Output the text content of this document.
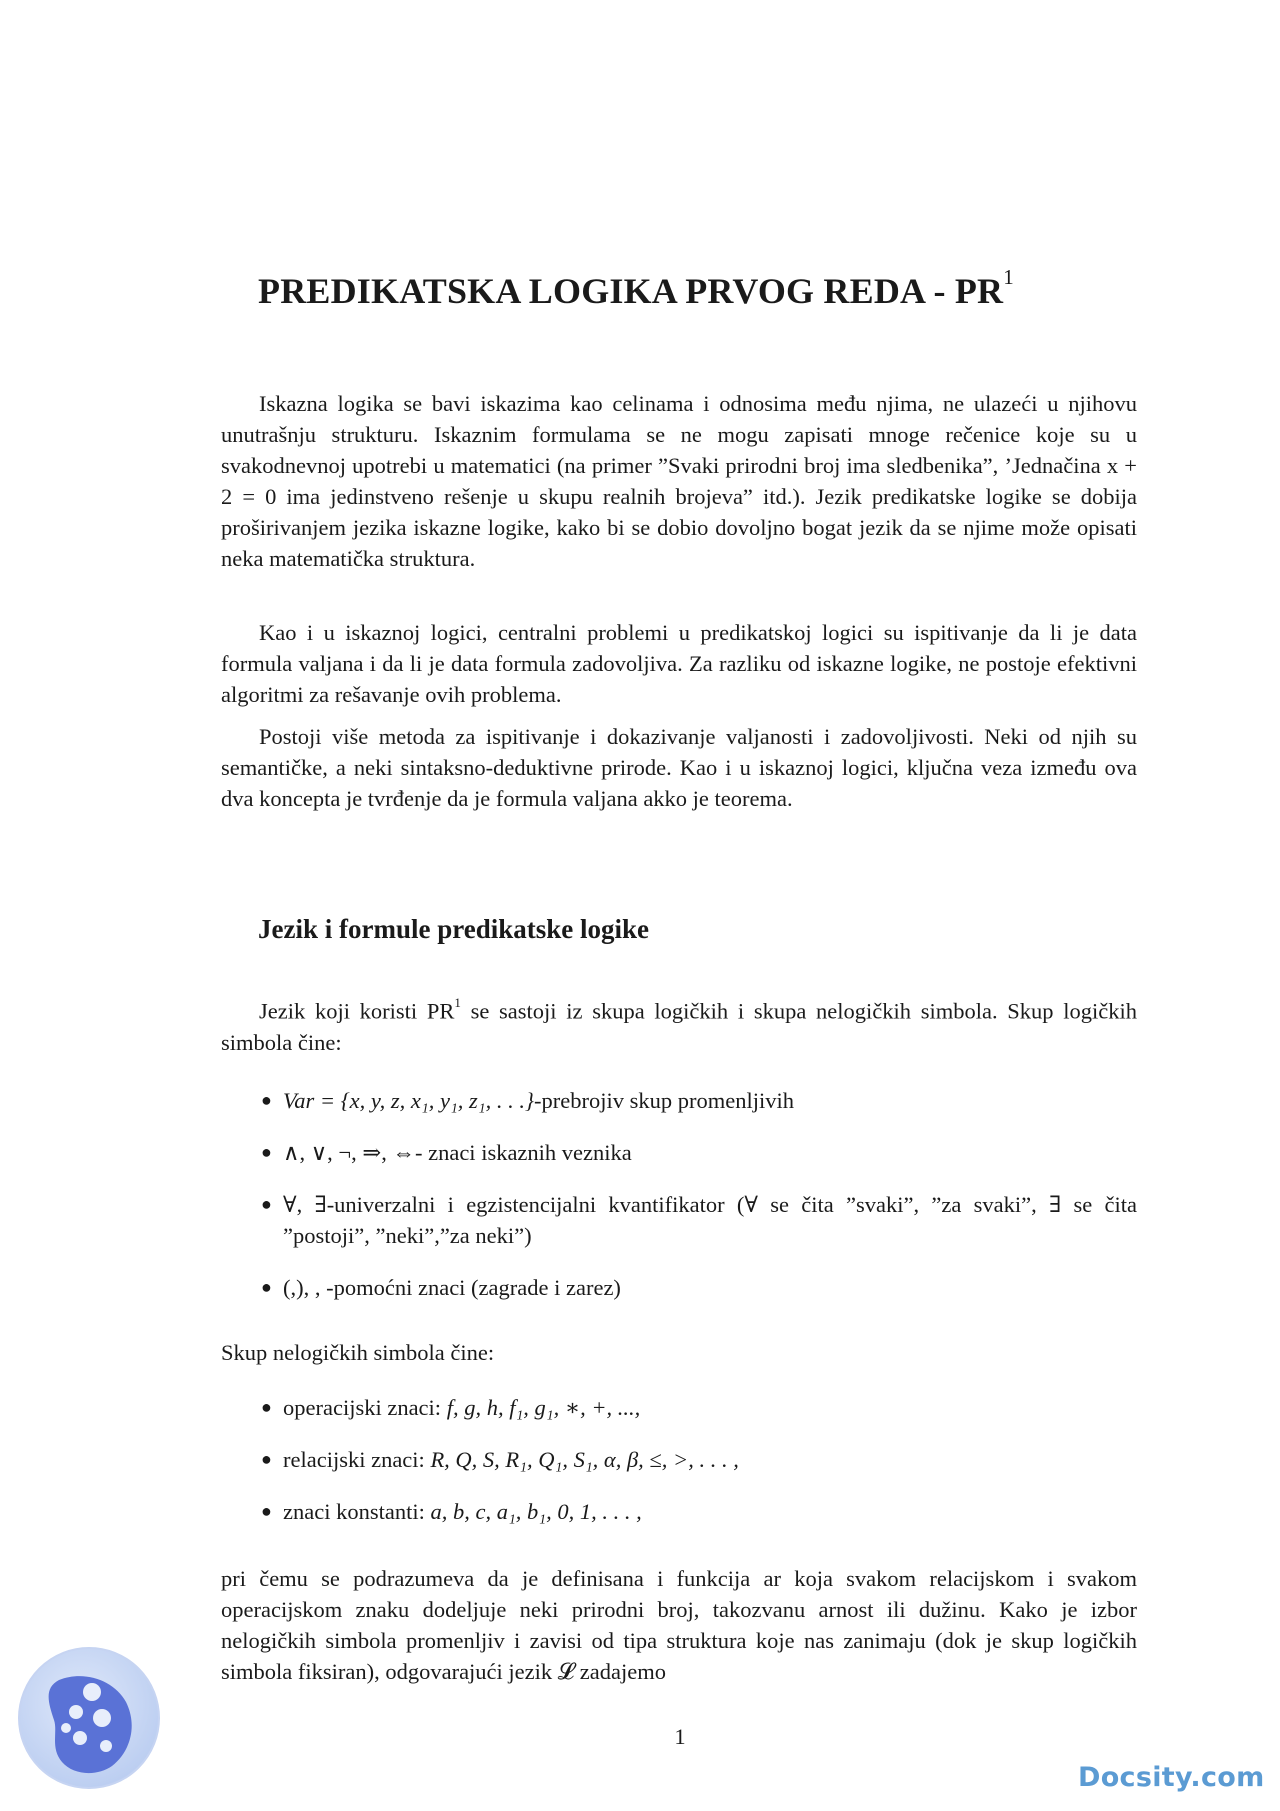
PREDIKATSKA LOGIKA PRVOG REDA - $PR^1$

Iskazna logika se bavi iskazima kao celinama i odnosima među njima, ne ulazeći u njihovu unutrašnju strukturu. Iskaznim formulama se ne mogu zapisati mnoge rečenice koje su u svakodnevnoj upotrebi u matematici (na primer ”Svaki prirodni broj ima sledbenika”, ’Jednačina x + 2 = 0 ima jedinstveno rešenje u skupu realnih brojeva” itd.). Jezik predikatske logike se dobija proširivanjem jezika iskazne logike, kako bi se dobio dovoljno bogat jezik da se njime može opisati neka matematička struktura.

Kao i u iskaznoj logici, centralni problemi u predikatskoj logici su ispitivanje da li je data formula valjana i da li je data formula zadovoljiva. Za razliku od iskazne logike, ne postoje efektivni algoritmi za rešavanje ovih problema.

Postoji više metoda za ispitivanje i dokazivanje valjanosti i zadovoljivosti. Neki od njih su semantičke, a neki sintaksno-deduktivne prirode. Kao i u iskaznoj logici, ključna veza između ova dva koncepta je tvrđenje da je formula valjana akko je teorema.

Jezik i formule predikatske logike

Jezik koji koristi $PR^1$ se sastoji iz skupa logičkih i skupa nelogičkih simbola. Skup logičkih simbola čine:

● Var = {x, y, z, x₁, y₁, z₁, . . .}-prebrojiv skup promenljivih
● ∧, ∨, ¬, ⇒, ⇔- znaci iskaznih veznika
● ∀, ∃-univerzalni i egzistencijalni kvantifikator (∀ se čita ”svaki”, ”za svaki”, ∃ se čita ”postoji”, ”neki”,”za neki”)
● (,), , -pomoćni znaci (zagrade i zarez)

Skup nelogičkih simbola čine:

● operacijski znaci: f, g, h, f₁, g₁, ∗, +, ...,
● relacijski znaci: R, Q, S, R₁, Q₁, S₁, α, β, ≤, >, . . . ,
● znaci konstanti: a, b, c, a₁, b₁, 0, 1, . . . ,

pri čemu se podrazumeva da je definisana i funkcija ar koja svakom relacijskom i svakom operacijskom znaku dodeljuje neki prirodni broj, takozvanu arnost ili dužinu. Kako je izbor nelogičkih simbola promenljiv i zavisi od tipa struktura koje nas zanimaju (dok je skup logičkih simbola fiksiran), odgovarajući jezik 𝓛 zadajemo

1
Docsity.com
